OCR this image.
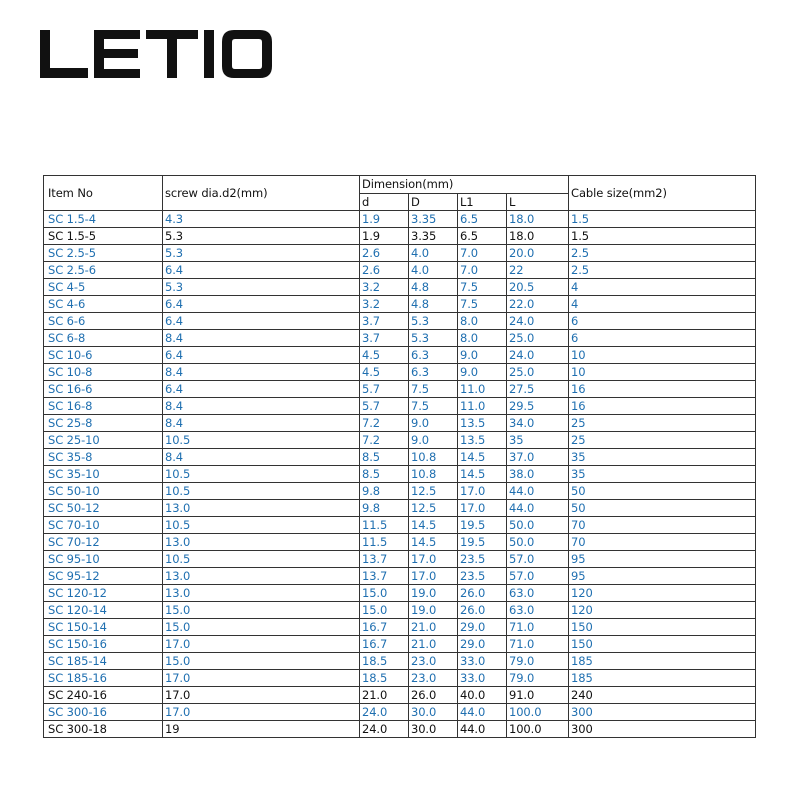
Item No	screw dia.d2(mm)	Dimension(mm)				Cable size(mm2)
		d	D	L1	L	
SC 1.5-4	4.3	1.9	3.35	6.5	18.0	1.5
SC 1.5-5	5.3	1.9	3.35	6.5	18.0	1.5
SC 2.5-5	5.3	2.6	4.0	7.0	20.0	2.5
SC 2.5-6	6.4	2.6	4.0	7.0	22	2.5
SC 4-5	5.3	3.2	4.8	7.5	20.5	4
SC 4-6	6.4	3.2	4.8	7.5	22.0	4
SC 6-6	6.4	3.7	5.3	8.0	24.0	6
SC 6-8	8.4	3.7	5.3	8.0	25.0	6
SC 10-6	6.4	4.5	6.3	9.0	24.0	10
SC 10-8	8.4	4.5	6.3	9.0	25.0	10
SC 16-6	6.4	5.7	7.5	11.0	27.5	16
SC 16-8	8.4	5.7	7.5	11.0	29.5	16
SC 25-8	8.4	7.2	9.0	13.5	34.0	25
SC 25-10	10.5	7.2	9.0	13.5	35	25
SC 35-8	8.4	8.5	10.8	14.5	37.0	35
SC 35-10	10.5	8.5	10.8	14.5	38.0	35
SC 50-10	10.5	9.8	12.5	17.0	44.0	50
SC 50-12	13.0	9.8	12.5	17.0	44.0	50
SC 70-10	10.5	11.5	14.5	19.5	50.0	70
SC 70-12	13.0	11.5	14.5	19.5	50.0	70
SC 95-10	10.5	13.7	17.0	23.5	57.0	95
SC 95-12	13.0	13.7	17.0	23.5	57.0	95
SC 120-12	13.0	15.0	19.0	26.0	63.0	120
SC 120-14	15.0	15.0	19.0	26.0	63.0	120
SC 150-14	15.0	16.7	21.0	29.0	71.0	150
SC 150-16	17.0	16.7	21.0	29.0	71.0	150
SC 185-14	15.0	18.5	23.0	33.0	79.0	185
SC 185-16	17.0	18.5	23.0	33.0	79.0	185
SC 240-16	17.0	21.0	26.0	40.0	91.0	240
SC 300-16	17.0	24.0	30.0	44.0	100.0	300
SC 300-18	19	24.0	30.0	44.0	100.0	300
